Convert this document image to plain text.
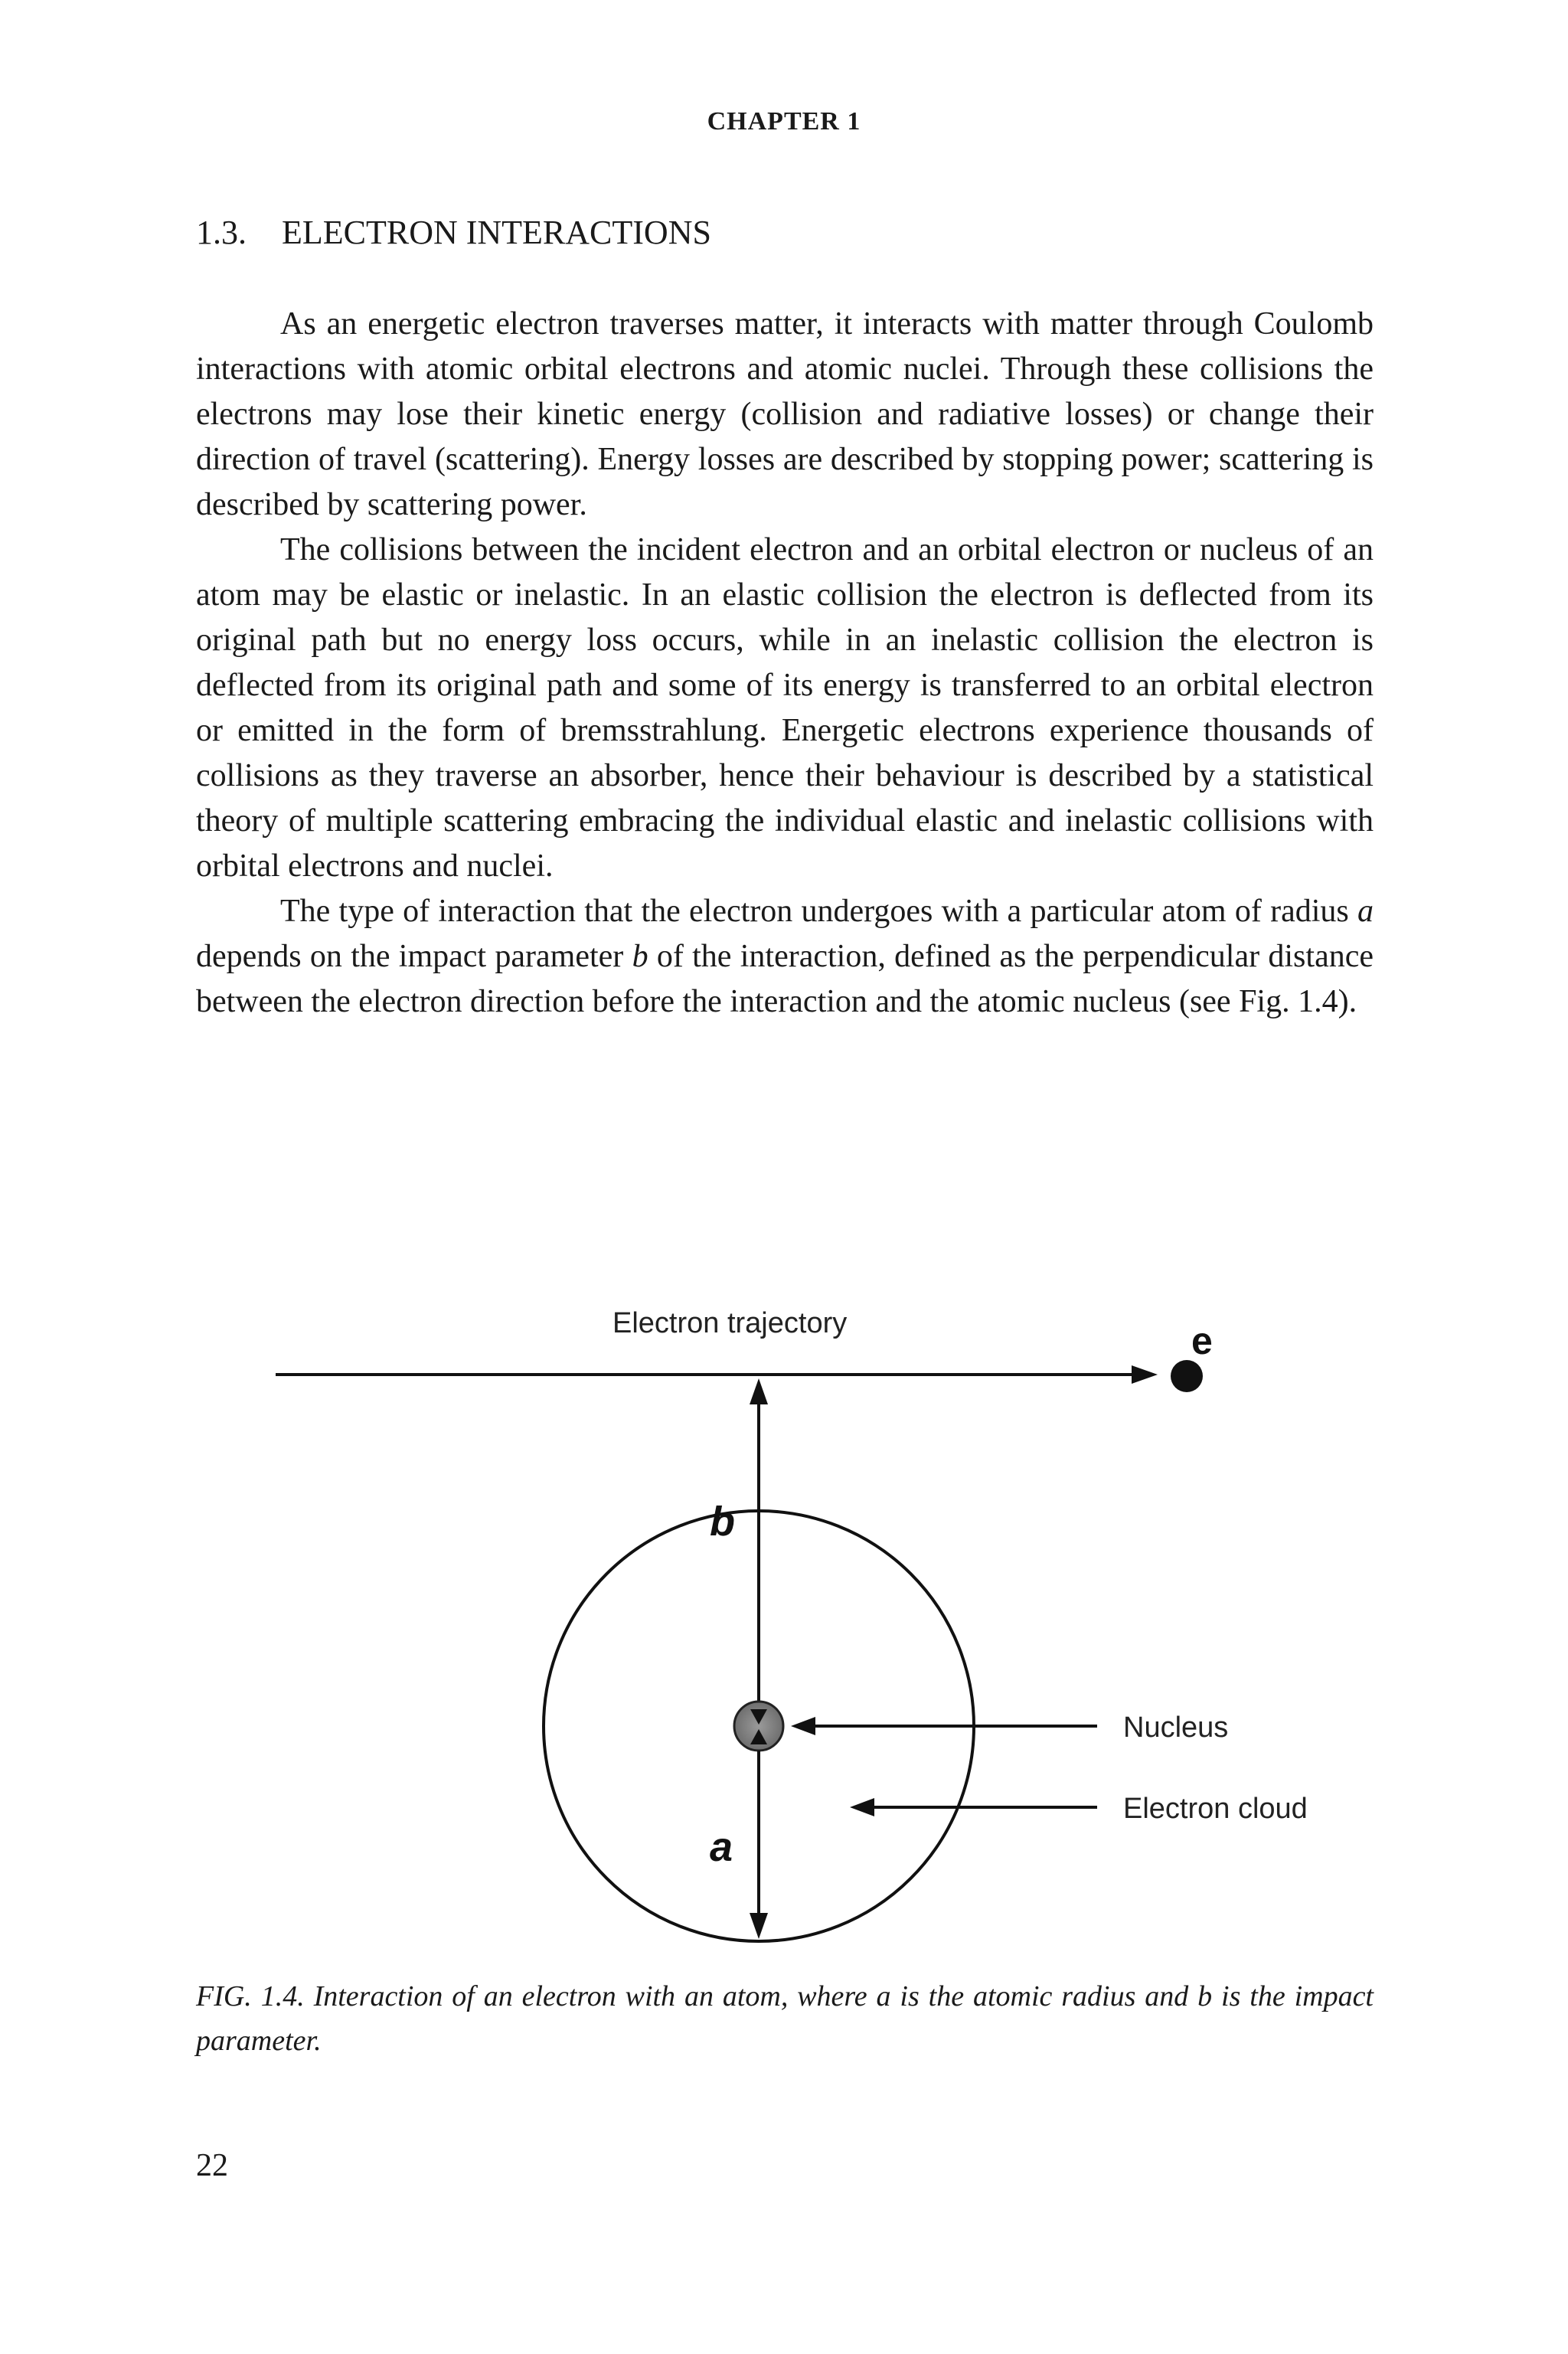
CHAPTER 1
1.3. ELECTRON INTERACTIONS

As an energetic electron traverses matter, it interacts with matter through Coulomb interactions with atomic orbital electrons and atomic nuclei. Through these collisions the electrons may lose their kinetic energy (collision and radiative losses) or change their direction of travel (scattering). Energy losses are described by stopping power; scattering is described by scattering power.

The collisions between the incident electron and an orbital electron or nucleus of an atom may be elastic or inelastic. In an elastic collision the electron is deflected from its original path but no energy loss occurs, while in an inelastic collision the electron is deflected from its original path and some of its energy is transferred to an orbital electron or emitted in the form of bremsstrahlung. Energetic electrons experience thousands of collisions as they traverse an absorber, hence their behaviour is described by a statistical theory of multiple scattering embracing the individual elastic and inelastic collisions with orbital electrons and nuclei.

The type of interaction that the electron undergoes with a particular atom of radius a depends on the impact parameter b of the interaction, defined as the perpendicular distance between the electron direction before the interaction and the atomic nucleus (see Fig. 1.4).

Electron trajectory	e
b
a
Nucleus
Electron cloud
FIG. 1.4. Interaction of an electron with an atom, where a is the atomic radius and b is the impact parameter.
22
